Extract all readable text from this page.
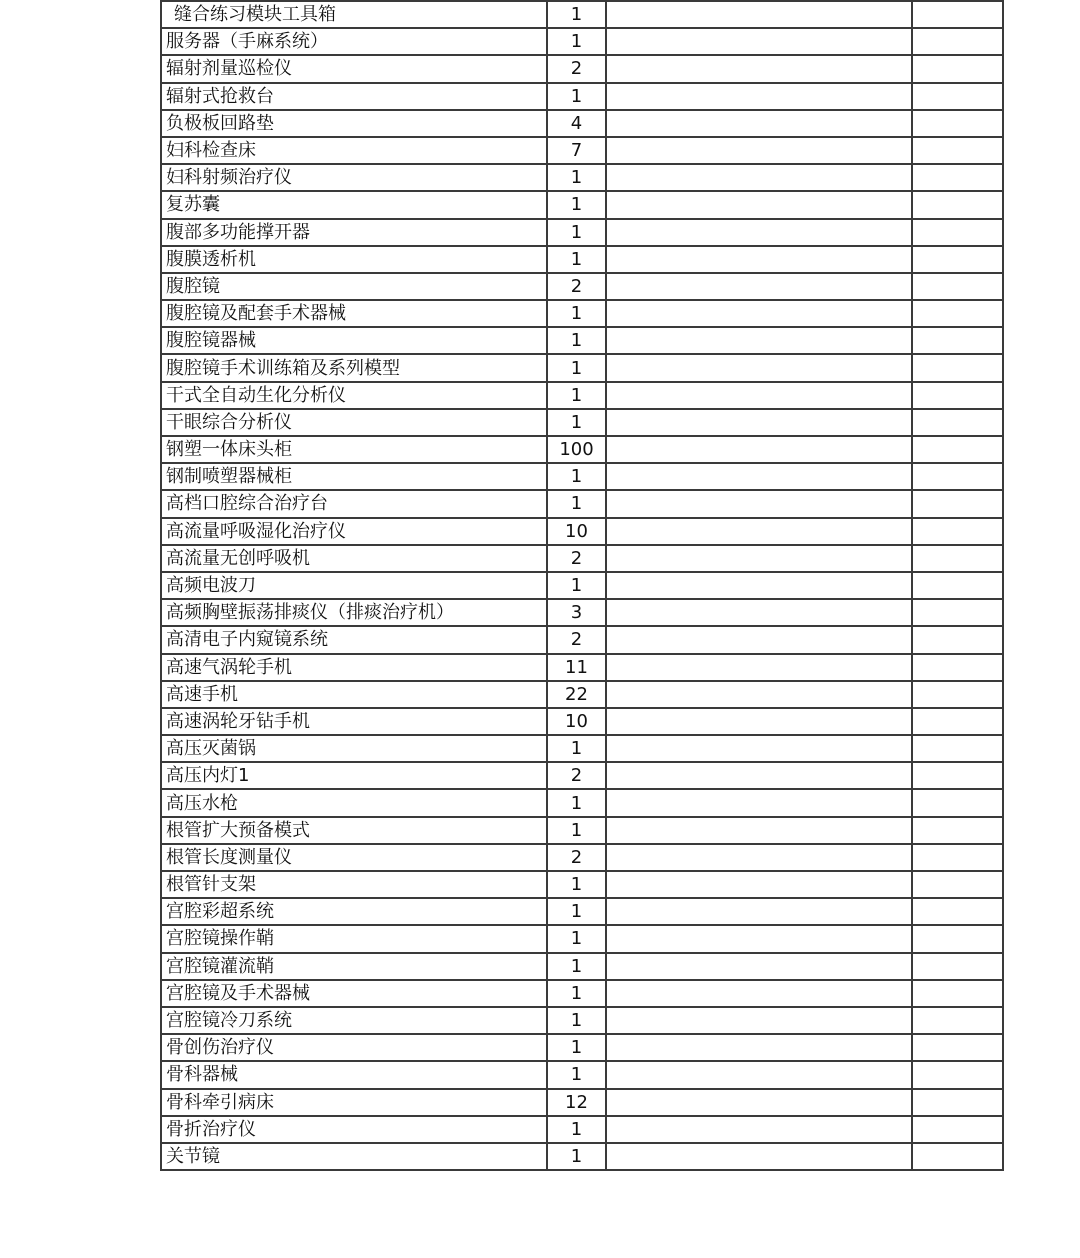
缝合练习模块工具箱	1		
服务器（手麻系统）	1		
辐射剂量巡检仪	2		
辐射式抢救台	1		
负极板回路垫	4		
妇科检查床	7		
妇科射频治疗仪	1		
复苏囊	1		
腹部多功能撑开器	1		
腹膜透析机	1		
腹腔镜	2		
腹腔镜及配套手术器械	1		
腹腔镜器械	1		
腹腔镜手术训练箱及系列模型	1		
干式全自动生化分析仪	1		
干眼综合分析仪	1		
钢塑一体床头柜	100		
钢制喷塑器械柜	1		
高档口腔综合治疗台	1		
高流量呼吸湿化治疗仪	10		
高流量无创呼吸机	2		
高频电波刀	1		
高频胸壁振荡排痰仪（排痰治疗机）	3		
高清电子内窥镜系统	2		
高速气涡轮手机	11		
高速手机	22		
高速涡轮牙钻手机	10		
高压灭菌锅	1		
高压内灯1	2		
高压水枪	1		
根管扩大预备模式	1		
根管长度测量仪	2		
根管针支架	1		
宫腔彩超系统	1		
宫腔镜操作鞘	1		
宫腔镜灌流鞘	1		
宫腔镜及手术器械	1		
宫腔镜冷刀系统	1		
骨创伤治疗仪	1		
骨科器械	1		
骨科牵引病床	12		
骨折治疗仪	1		
关节镜	1		
